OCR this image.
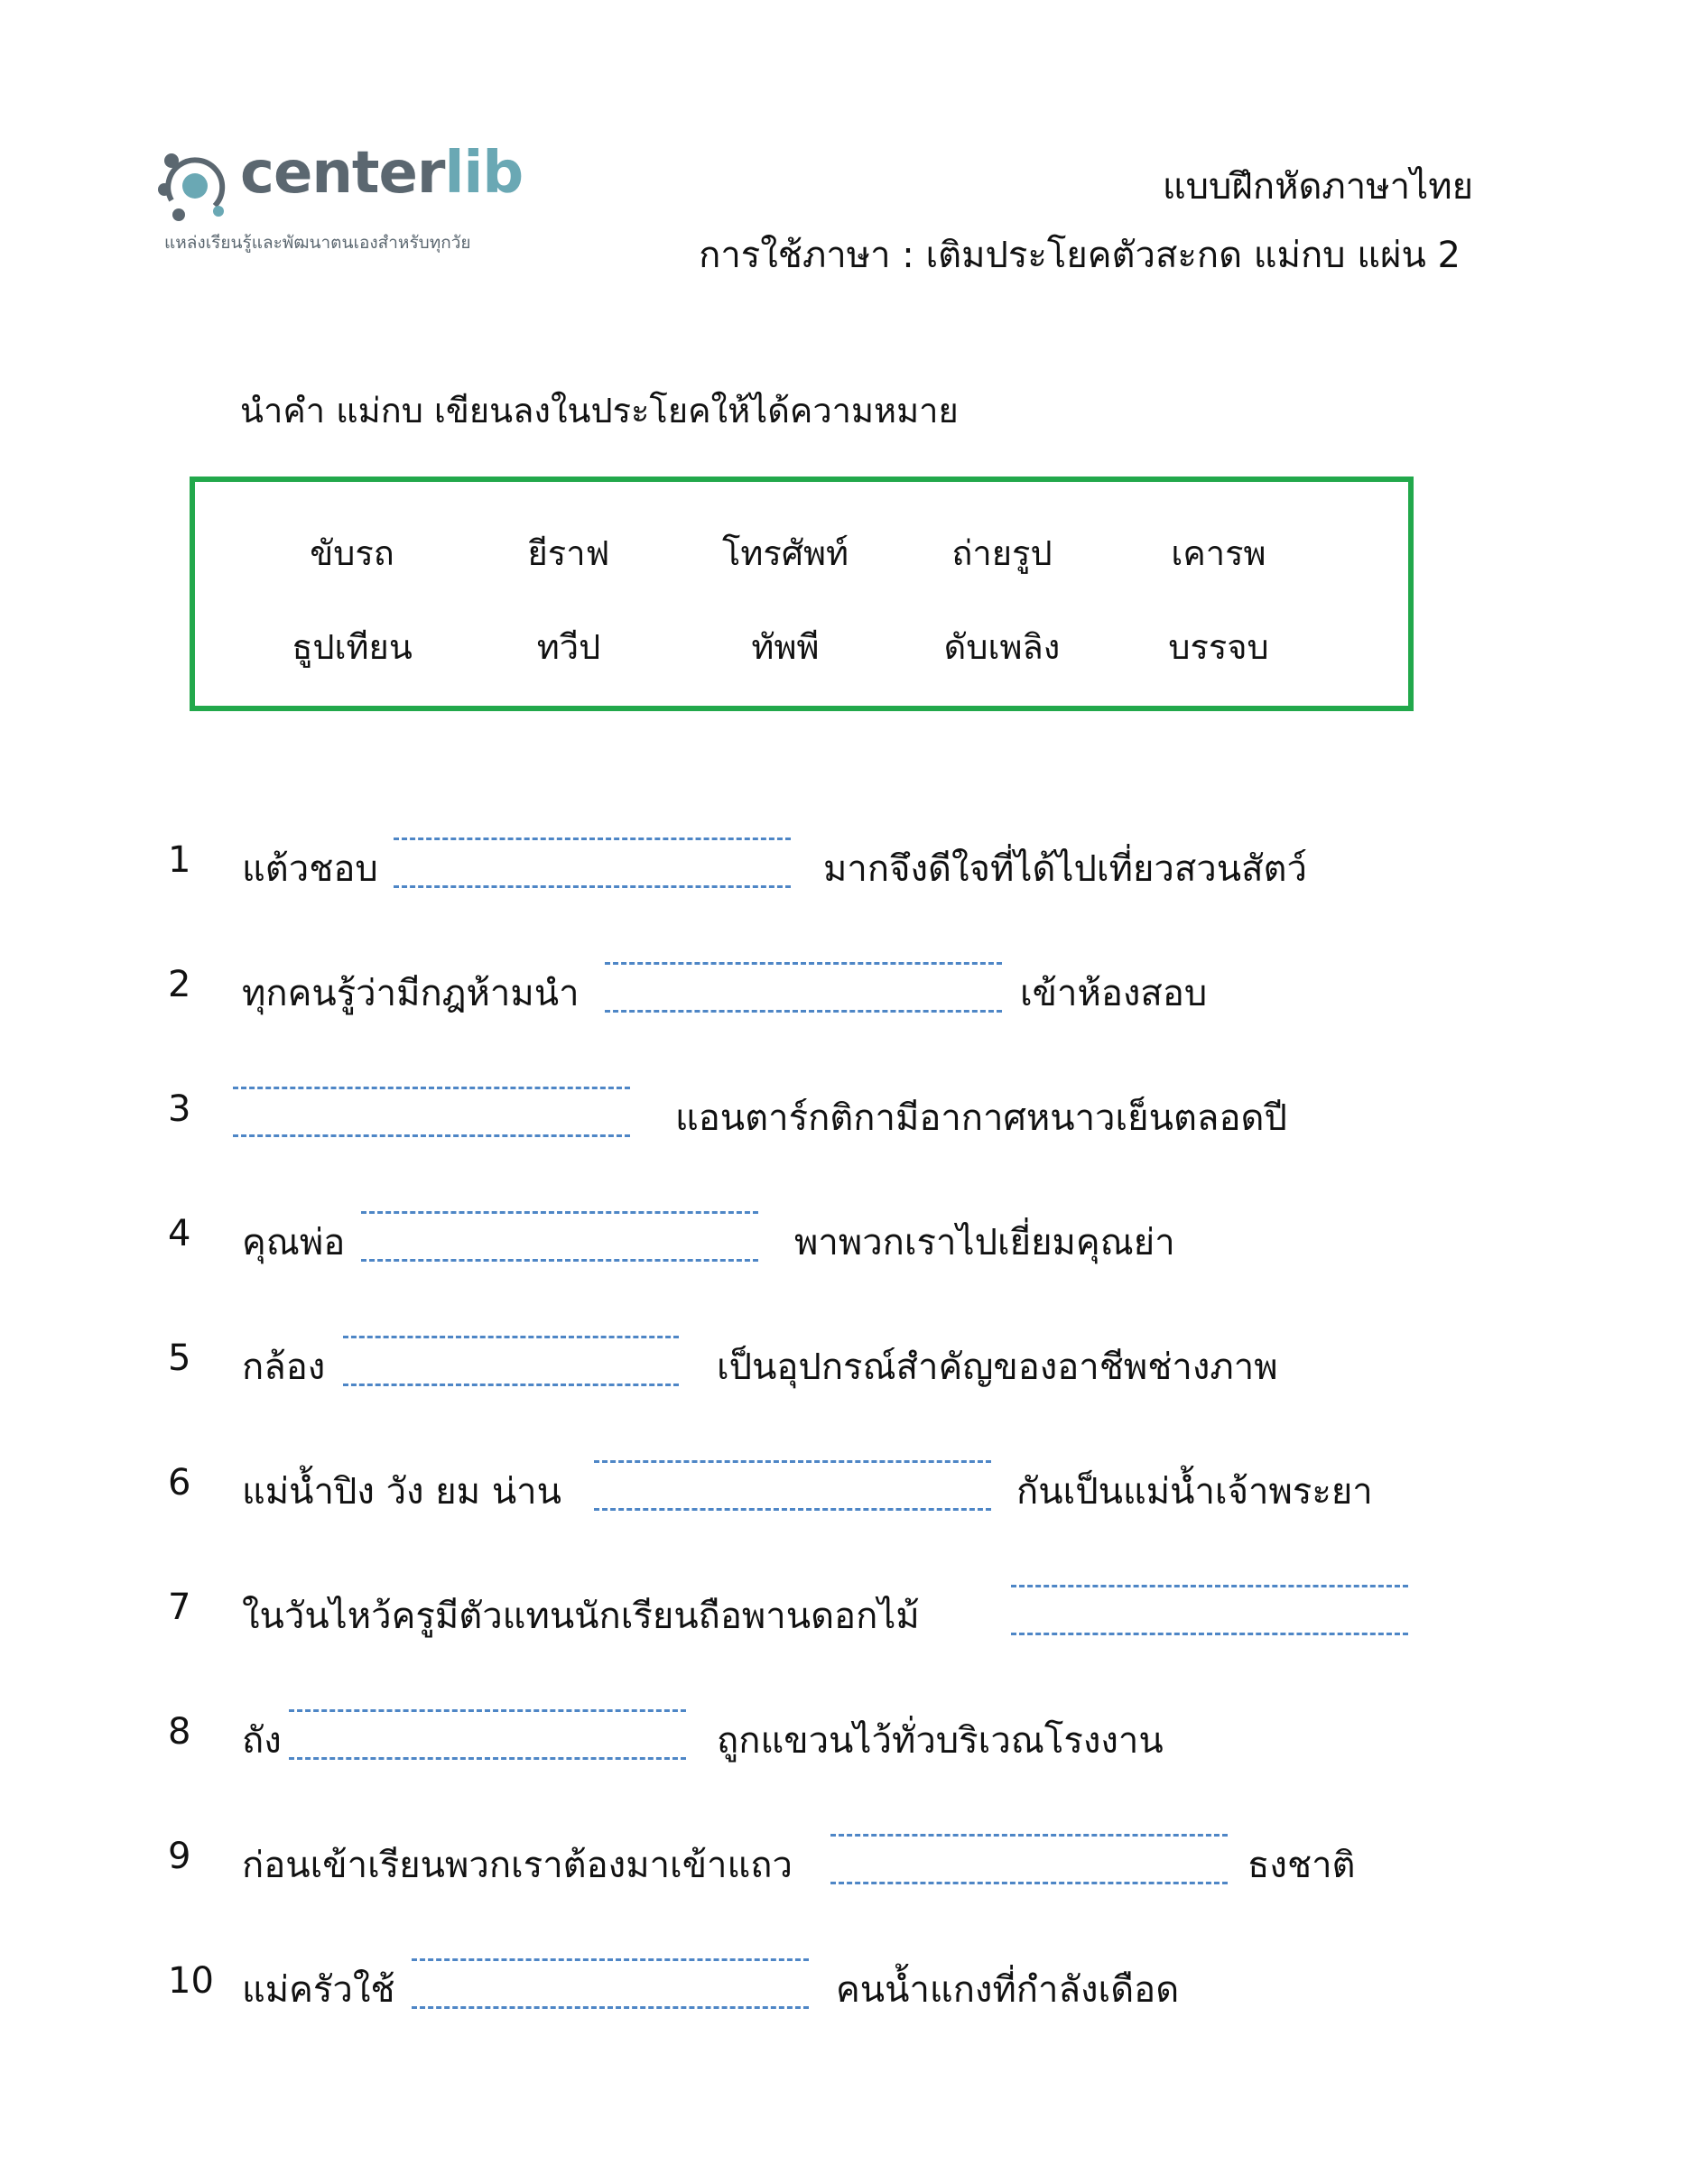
centerlib
แหล่งเรียนรู้และพัฒนาตนเองสำหรับทุกวัย
แบบฝึกหัดภาษาไทย
การใช้ภาษา : เติมประโยคตัวสะกด แม่กบ แผ่น 2
นำคำ แม่กบ เขียนลงในประโยคให้ได้ความหมาย
ขับรถ	ยีราฟ	โทรศัพท์	ถ่ายรูป	เคารพ
ธูปเทียน	ทวีป	ทัพพี	ดับเพลิง	บรรจบ
1	แต้วชอบ	มากจึงดีใจที่ได้ไปเที่ยวสวนสัตว์
2	ทุกคนรู้ว่ามีกฎห้ามนำ	เข้าห้องสอบ
3	แอนตาร์กติกามีอากาศหนาวเย็นตลอดปี
4	คุณพ่อ	พาพวกเราไปเยี่ยมคุณย่า
5	กล้อง	เป็นอุปกรณ์สำคัญของอาชีพช่างภาพ
6	แม่น้ำปิง วัง ยม น่าน	กันเป็นแม่น้ำเจ้าพระยา
7	ในวันไหว้ครูมีตัวแทนนักเรียนถือพานดอกไม้
8	ถัง	ถูกแขวนไว้ทั่วบริเวณโรงงาน
9	ก่อนเข้าเรียนพวกเราต้องมาเข้าแถว	ธงชาติ
10 แม่ครัวใช้	คนน้ำแกงที่กำลังเดือด
